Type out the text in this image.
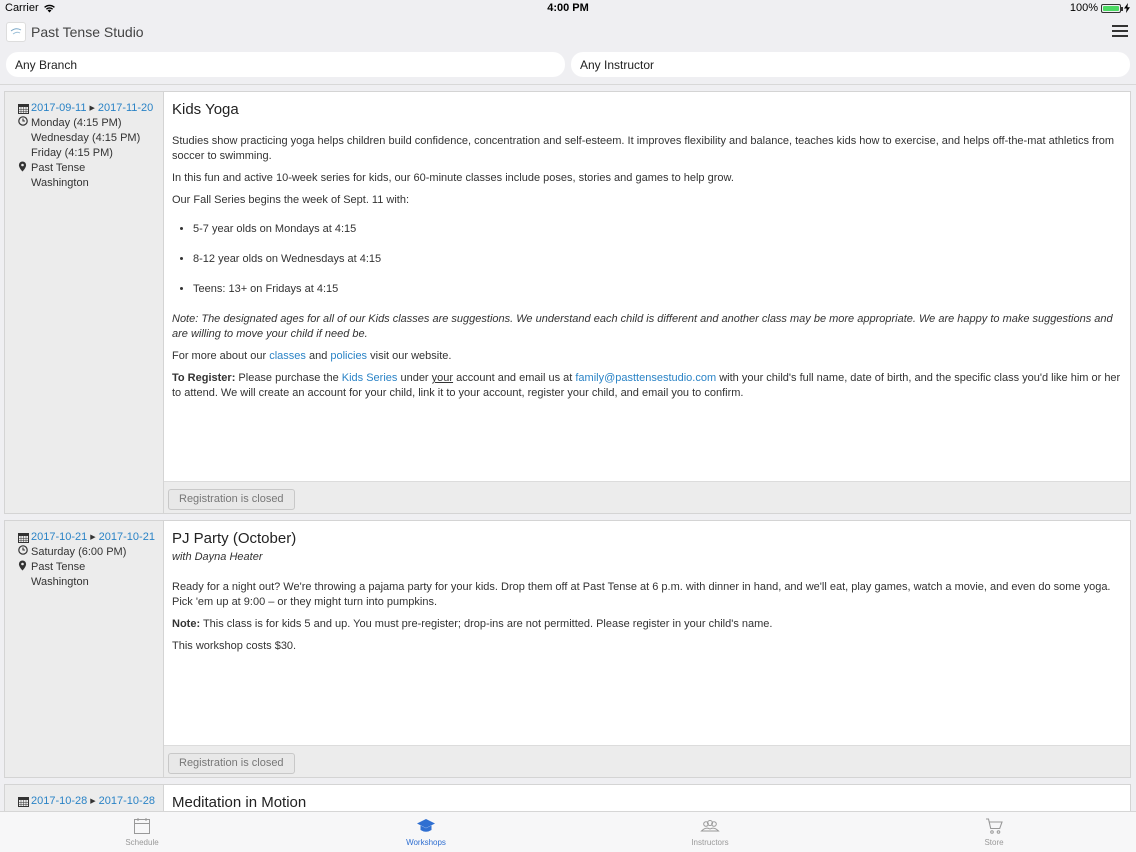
Carrier	4:00 PM	100%
Past Tense Studio
Any Branch	Any Instructor
2017-09-11 ▶ 2017-11-20
Monday (4:15 PM)
Wednesday (4:15 PM)
Friday (4:15 PM)
Past Tense
Washington
Kids Yoga

Studies show practicing yoga helps children build confidence, concentration and self-esteem. It improves flexibility and balance, teaches kids how to exercise, and helps off-the-mat athletics from soccer to swimming.

In this fun and active 10-week series for kids, our 60-minute classes include poses, stories and games to help grow.

Our Fall Series begins the week of Sept. 11 with:

• 5-7 year olds on Mondays at 4:15
• 8-12 year olds on Wednesdays at 4:15
• Teens: 13+ on Fridays at 4:15

Note: The designated ages for all of our Kids classes are suggestions. We understand each child is different and another class may be more appropriate. We are happy to make suggestions and are willing to move your child if need be.

For more about our classes and policies visit our website.

To Register: Please purchase the Kids Series under your account and email us at family@pasttensestudio.com with your child's full name, date of birth, and the specific class you'd like him or her to attend. We will create an account for your child, link it to your account, register your child, and email you to confirm.

Registration is closed
2017-10-21 ▶ 2017-10-21
Saturday (6:00 PM)
Past Tense
Washington
PJ Party (October)
with Dayna Heater

Ready for a night out? We're throwing a pajama party for your kids. Drop them off at Past Tense at 6 p.m. with dinner in hand, and we'll eat, play games, watch a movie, and even do some yoga. Pick 'em up at 9:00 – or they might turn into pumpkins.

Note: This class is for kids 5 and up. You must pre-register; drop-ins are not permitted. Please register in your child's name.

This workshop costs $30.

Registration is closed
2017-10-28 ▶ 2017-10-28 Meditation in Motion
Schedule	Workshops	Instructors	Store
